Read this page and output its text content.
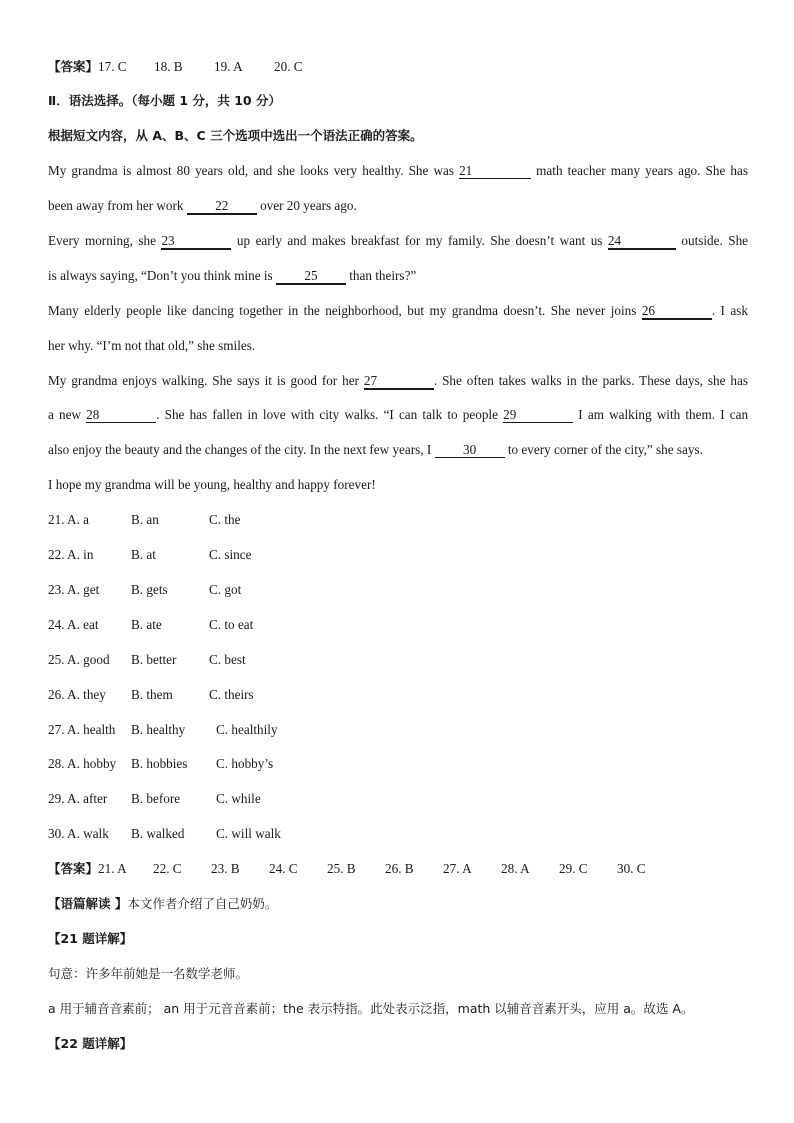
【答案】17. C 18. B 19. A 20. C
Ⅱ．语法选择。（每小题 1 分，共 10 分）
根据短文内容，从 A、B、C 三个选项中选出一个语法正确的答案。
My grandma is almost 80 years old, and she looks very healthy. She was 21	math teacher many years ago. She has
been away from her work 22 over 20 years ago.
Every morning, she 23	up early and makes breakfast for my family. She doesn’t want us 24	outside. She
is always saying, “Don’t you think mine is 25 than theirs?”
Many elderly people like dancing together in the neighborhood, but my grandma doesn’t. She never joins 26	. I ask
her why. “I’m not that old,” she smiles.
My grandma enjoys walking. She says it is good for her 27	. She often takes walks in the parks. These days, she has
a new 28	. She has fallen in love with city walks. “I can talk to people 29	I am walking with them. I can
also enjoy the beauty and the changes of the city. In the next few years, I 30 to every corner of the city,” she says.
I hope my grandma will be young, healthy and happy forever!
21. A. a	B. an	C. the
22. A. in	B. at	C. since
23. A. get B. gets	C. got
24. A. eat B. ate	C. to eat
25. A. good B. better C. best
26. A. they B. them	C. theirs
27. A. health B. healthy C. healthily
28. A. hobby B. hobbies C. hobby’s
29. A. after B. before	C. while
30. A. walk B. walked C. will walk
【答案】21. A 22. C 23. B 24. C 25. B 26. B 27. A 28. A 29. C 30. C
【语篇解读 】本文作者介绍了自己奶奶。
【21 题详解】
句意：许多年前她是一名数学老师。
a 用于辅音音素前； an 用于元音音素前；the 表示特指。此处表示泛指，math 以辅音音素开头，应用 a。故选 A。
【22 题详解】
